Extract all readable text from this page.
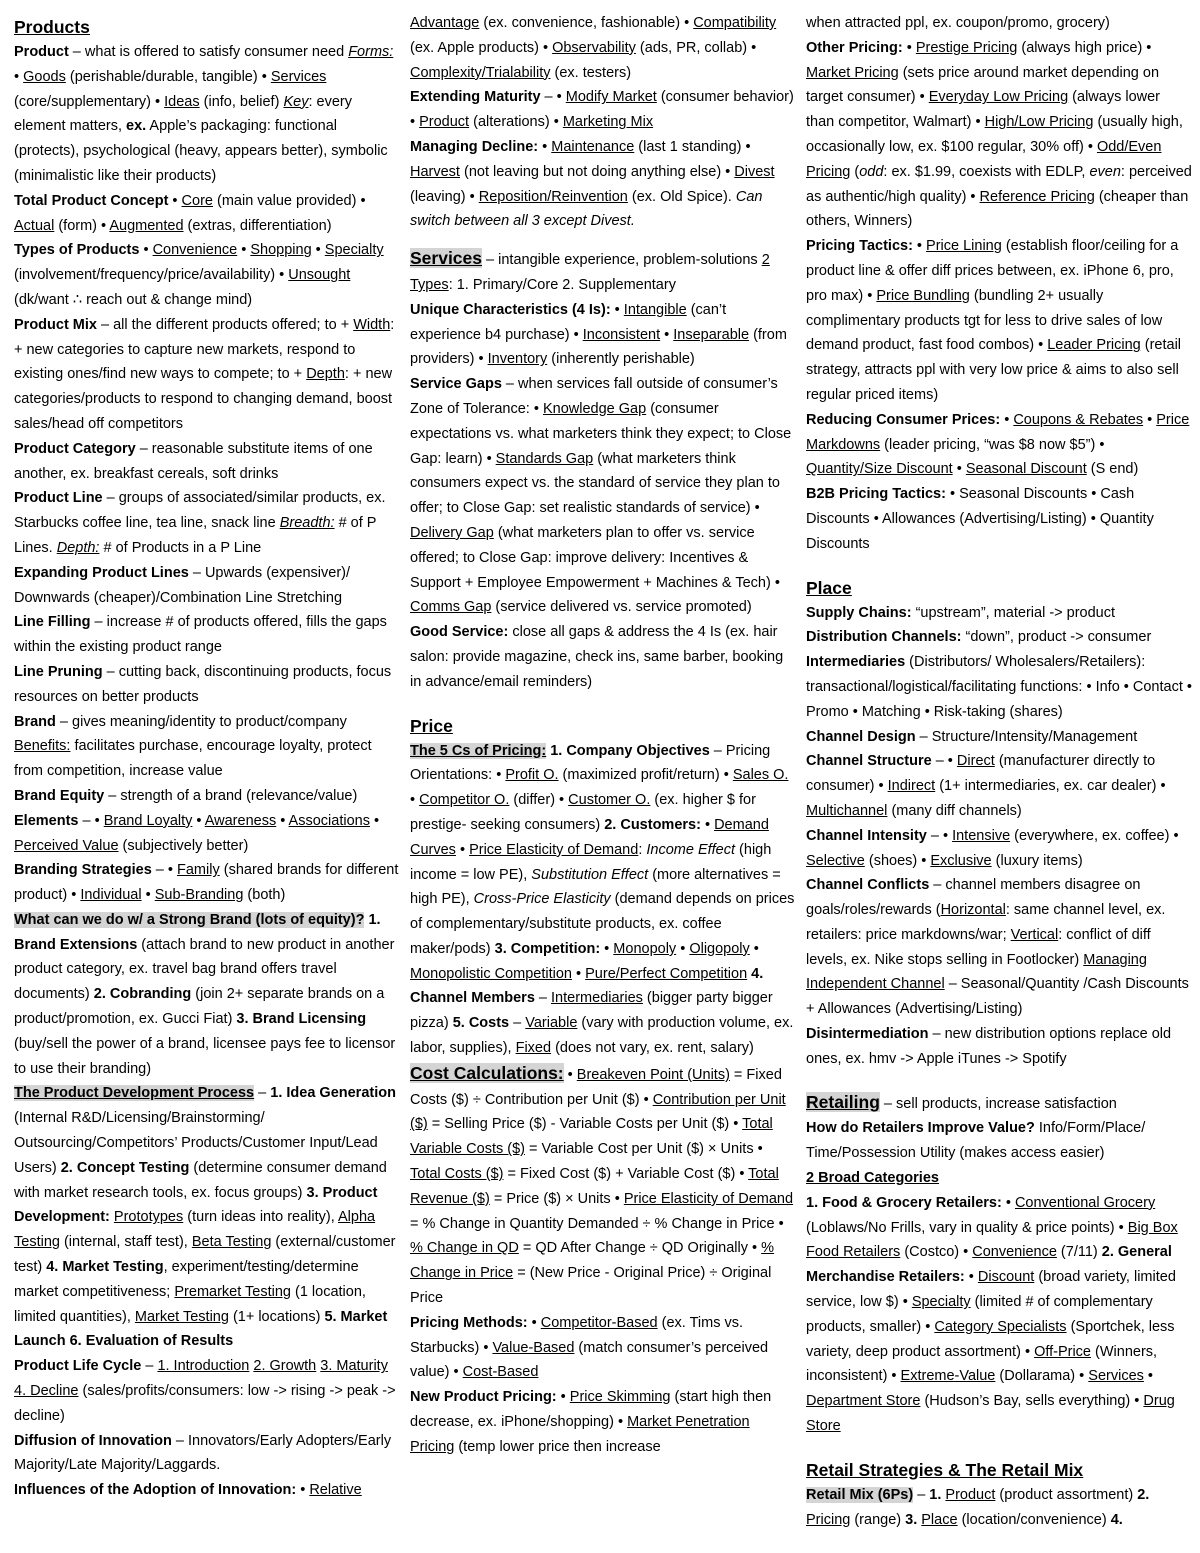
Products

Product – what is offered to satisfy consumer need Forms: • Goods (perishable/durable, tangible) • Services (core/supplementary) • Ideas (info, belief) Key: every element matters, ex. Apple’s packaging: functional (protects), psychological (heavy, appears better), symbolic (minimalistic like their products)

Total Product Concept • Core (main value provided) • Actual (form) • Augmented (extras, differentiation)

Types of Products • Convenience • Shopping • Specialty (involvement/frequency/price/availability) • Unsought (dk/want ∴ reach out & change mind)

Product Mix – all the different products offered; to + Width: + new categories to capture new markets, respond to existing ones/find new ways to compete; to + Depth: + new categories/products to respond to changing demand, boost sales/head off competitors

Product Category – reasonable substitute items of one another, ex. breakfast cereals, soft drinks

Product Line – groups of associated/similar products, ex. Starbucks coffee line, tea line, snack line Breadth: # of P Lines. Depth: # of Products in a P Line

Expanding Product Lines – Upwards (expensiver)/ Downwards (cheaper)/Combination Line Stretching

Line Filling – increase # of products offered, fills the gaps within the existing product range

Line Pruning – cutting back, discontinuing products, focus resources on better products

Brand – gives meaning/identity to product/company Benefits: facilitates purchase, encourage loyalty, protect from competition, increase value

Brand Equity – strength of a brand (relevance/value)

Elements – • Brand Loyalty • Awareness • Associations • Perceived Value (subjectively better)

Branding Strategies – • Family (shared brands for different product) • Individual • Sub-Branding (both)

What can we do w/ a Strong Brand (lots of equity)? 1. Brand Extensions (attach brand to new product in another product category, ex. travel bag brand offers travel documents) 2. Cobranding (join 2+ separate brands on a product/promotion, ex. Gucci Fiat) 3. Brand Licensing (buy/sell the power of a brand, licensee pays fee to licensor to use their branding)

The Product Development Process – 1. Idea Generation (Internal R&D/Licensing/Brainstorming/ Outsourcing/Competitors’ Products/Customer Input/Lead Users) 2. Concept Testing (determine consumer demand with market research tools, ex. focus groups) 3. Product Development: Prototypes (turn ideas into reality), Alpha Testing (internal, staff test), Beta Testing (external/customer test) 4. Market Testing, experiment/testing/determine market competitiveness; Premarket Testing (1 location, limited quantities), Market Testing (1+ locations) 5. Market Launch 6. Evaluation of Results

Product Life Cycle – 1. Introduction 2. Growth 3. Maturity 4. Decline (sales/profits/consumers: low -> rising -> peak -> decline)

Diffusion of Innovation – Innovators/Early Adopters/Early Majority/Late Majority/Laggards.

Influences of the Adoption of Innovation: • Relative

Advantage (ex. convenience, fashionable) • Compatibility (ex. Apple products) • Observability (ads, PR, collab) • Complexity/Trialability (ex. testers)

Extending Maturity – • Modify Market (consumer behavior) • Product (alterations) • Marketing Mix

Managing Decline: • Maintenance (last 1 standing) • Harvest (not leaving but not doing anything else) • Divest (leaving) • Reposition/Reinvention (ex. Old Spice). Can switch between all 3 except Divest.

Services – intangible experience, problem-solutions 2 Types: 1. Primary/Core 2. Supplementary

Unique Characteristics (4 Is): • Intangible (can’t experience b4 purchase) • Inconsistent • Inseparable (from providers) • Inventory (inherently perishable)

Service Gaps – when services fall outside of consumer’s Zone of Tolerance: • Knowledge Gap (consumer expectations vs. what marketers think they expect; to Close Gap: learn) • Standards Gap (what marketers think consumers expect vs. the standard of service they plan to offer; to Close Gap: set realistic standards of service) • Delivery Gap (what marketers plan to offer vs. service offered; to Close Gap: improve delivery: Incentives & Support + Employee Empowerment + Machines & Tech) • Comms Gap (service delivered vs. service promoted)

Good Service: close all gaps & address the 4 Is (ex. hair salon: provide magazine, check ins, same barber, booking in advance/email reminders)

Price

The 5 Cs of Pricing: 1. Company Objectives – Pricing Orientations: • Profit O. (maximized profit/return) • Sales O. • Competitor O. (differ) • Customer O. (ex. higher $ for prestige- seeking consumers) 2. Customers: • Demand Curves • Price Elasticity of Demand: Income Effect (high income = low PE), Substitution Effect (more alternatives = high PE), Cross-Price Elasticity (demand depends on prices of complementary/substitute products, ex. coffee maker/pods) 3. Competition: • Monopoly • Oligopoly • Monopolistic Competition • Pure/Perfect Competition 4. Channel Members – Intermediaries (bigger party bigger pizza) 5. Costs – Variable (vary with production volume, ex. labor, supplies), Fixed (does not vary, ex. rent, salary)

Cost Calculations: • Breakeven Point (Units) = Fixed Costs ($) ÷ Contribution per Unit ($) • Contribution per Unit ($) = Selling Price ($) - Variable Costs per Unit ($) • Total Variable Costs ($) = Variable Cost per Unit ($) × Units • Total Costs ($) = Fixed Cost ($) + Variable Cost ($) • Total Revenue ($) = Price ($) × Units • Price Elasticity of Demand = % Change in Quantity Demanded ÷ % Change in Price • % Change in QD = QD After Change ÷ QD Originally • % Change in Price = (New Price - Original Price) ÷ Original Price

Pricing Methods: • Competitor-Based (ex. Tims vs. Starbucks) • Value-Based (match consumer’s perceived value) • Cost-Based

New Product Pricing: • Price Skimming (start high then decrease, ex. iPhone/shopping) • Market Penetration Pricing (temp lower price then increase

when attracted ppl, ex. coupon/promo, grocery)

Other Pricing: • Prestige Pricing (always high price) • Market Pricing (sets price around market depending on target consumer) • Everyday Low Pricing (always lower than competitor, Walmart) • High/Low Pricing (usually high, occasionally low, ex. $100 regular, 30% off) • Odd/Even Pricing (odd: ex. $1.99, coexists with EDLP, even: perceived as authentic/high quality) • Reference Pricing (cheaper than others, Winners)

Pricing Tactics: • Price Lining (establish floor/ceiling for a product line & offer diff prices between, ex. iPhone 6, pro, pro max) • Price Bundling (bundling 2+ usually complimentary products tgt for less to drive sales of low demand product, fast food combos) • Leader Pricing (retail strategy, attracts ppl with very low price & aims to also sell regular priced items)

Reducing Consumer Prices: • Coupons & Rebates • Price Markdowns (leader pricing, “was $8 now $5”) • Quantity/Size Discount • Seasonal Discount (S end)

B2B Pricing Tactics: • Seasonal Discounts • Cash Discounts • Allowances (Advertising/Listing) • Quantity Discounts

Place

Supply Chains: “upstream”, material -> product

Distribution Channels: “down”, product -> consumer

Intermediaries (Distributors/ Wholesalers/Retailers): transactional/logistical/facilitating functions: • Info • Contact • Promo • Matching • Risk-taking (shares)

Channel Design – Structure/Intensity/Management

Channel Structure – • Direct (manufacturer directly to consumer) • Indirect (1+ intermediaries, ex. car dealer) • Multichannel (many diff channels)

Channel Intensity – • Intensive (everywhere, ex. coffee) • Selective (shoes) • Exclusive (luxury items)

Channel Conflicts – channel members disagree on goals/roles/rewards (Horizontal: same channel level, ex. retailers: price markdowns/war; Vertical: conflict of diff levels, ex. Nike stops selling in Footlocker) Managing Independent Channel – Seasonal/Quantity /Cash Discounts + Allowances (Advertising/Listing)

Disintermediation – new distribution options replace old ones, ex. hmv -> Apple iTunes -> Spotify

Retailing – sell products, increase satisfaction

How do Retailers Improve Value? Info/Form/Place/ Time/Possession Utility (makes access easier)

2 Broad Categories

1. Food & Grocery Retailers: • Conventional Grocery (Loblaws/No Frills, vary in quality & price points) • Big Box Food Retailers (Costco) • Convenience (7/11) 2. General Merchandise Retailers: • Discount (broad variety, limited service, low $) • Specialty (limited # of complementary products, smaller) • Category Specialists (Sportchek, less variety, deep product assortment) • Off-Price (Winners, inconsistent) • Extreme-Value (Dollarama) • Services • Department Store (Hudson’s Bay, sells everything) • Drug Store

Retail Strategies & The Retail Mix

Retail Mix (6Ps) – 1. Product (product assortment) 2. Pricing (range) 3. Place (location/convenience) 4.
